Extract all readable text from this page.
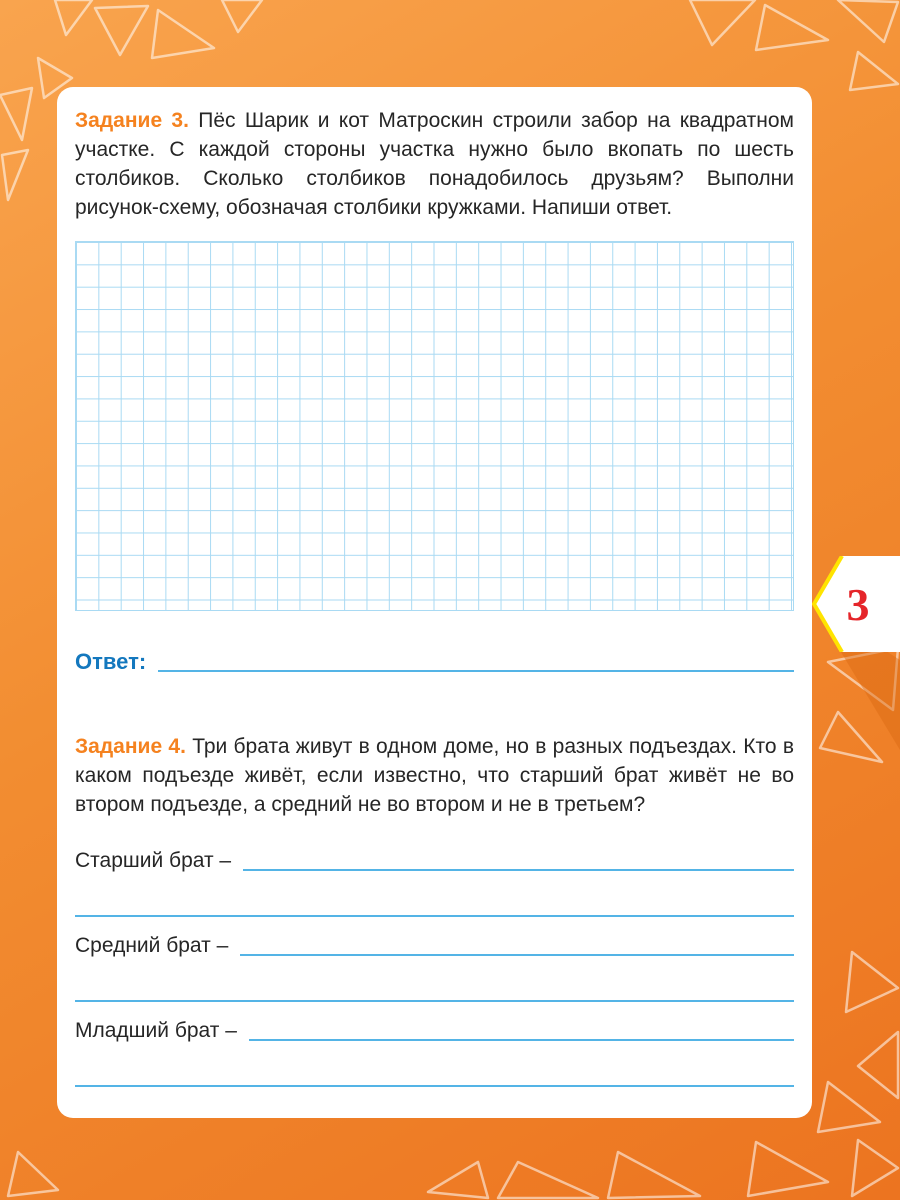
Задание 3. Пёс Шарик и кот Матроскин строили забор на квадратном участке. С каждой стороны участка нужно было вкопать по шесть столбиков. Сколько столбиков понадобилось друзьям? Выполни рисунок-схему, обозначая столбики кружками. Напиши ответ.

Ответ:

Задание 4. Три брата живут в одном доме, но в разных подъездах. Кто в каком подъезде живёт, если известно, что старший брат живёт не во втором подъезде, а средний не во втором и не в третьем?

Старший брат –
Средний брат –
Младший брат –
3
